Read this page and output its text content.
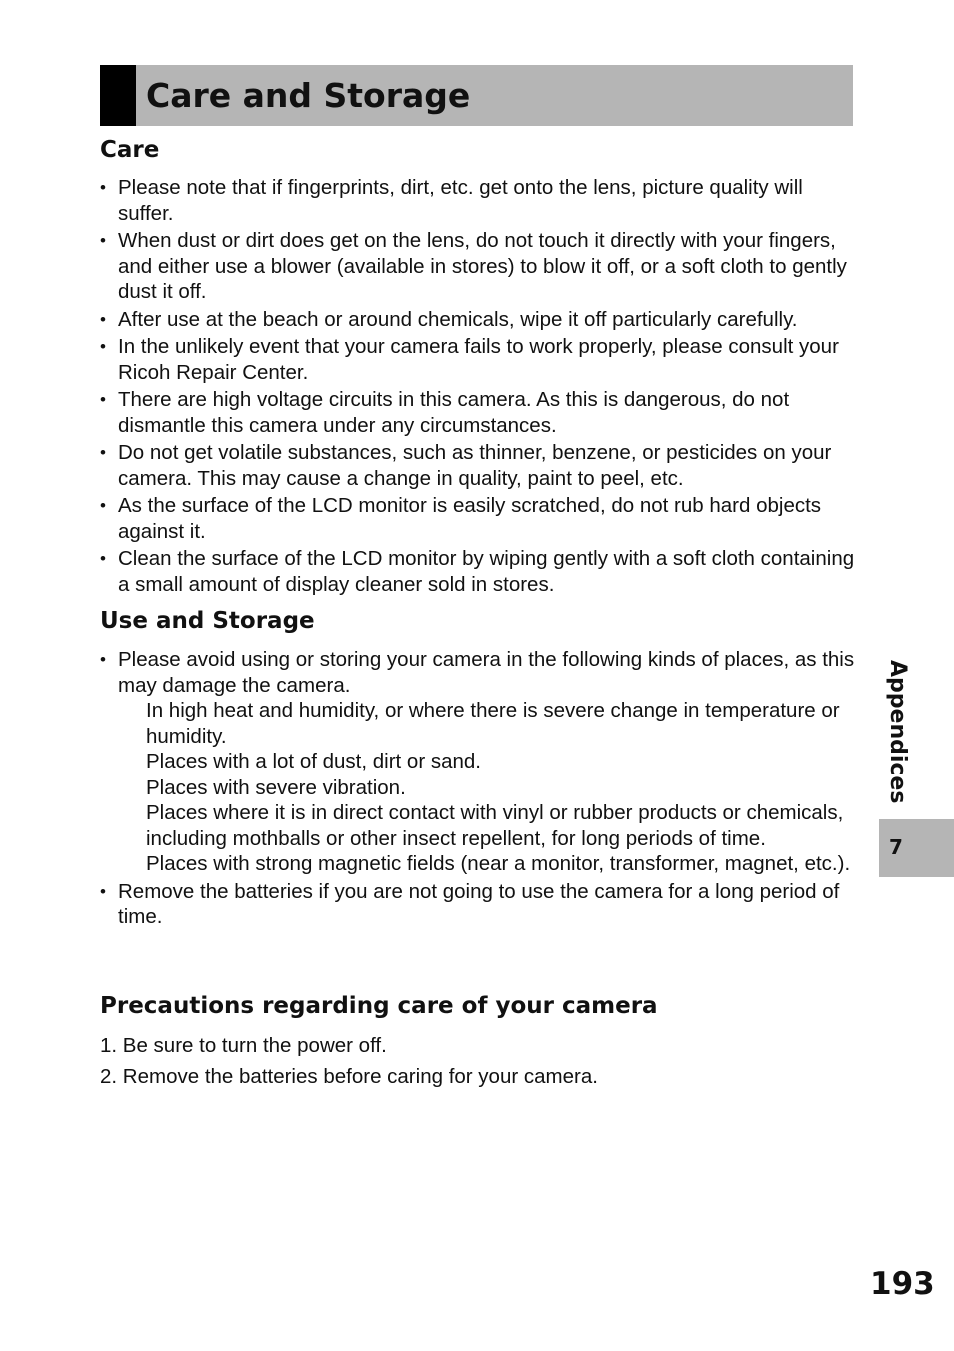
Care and Storage
Care
• Please note that if fingerprints, dirt, etc. get onto the lens, picture quality will suffer.
• When dust or dirt does get on the lens, do not touch it directly with your fingers, and either use a blower (available in stores) to blow it off, or a soft cloth to gently dust it off.
• After use at the beach or around chemicals, wipe it off particularly carefully.
• In the unlikely event that your camera fails to work properly, please consult your Ricoh Repair Center.
• There are high voltage circuits in this camera. As this is dangerous, do not dismantle this camera under any circumstances.
• Do not get volatile substances, such as thinner, benzene, or pesticides on your camera. This may cause a change in quality, paint to peel, etc.
• As the surface of the LCD monitor is easily scratched, do not rub hard objects against it.
• Clean the surface of the LCD monitor by wiping gently with a soft cloth containing a small amount of display cleaner sold in stores.
Use and Storage
• Please avoid using or storing your camera in the following kinds of places, as this may damage the camera.
In high heat and humidity, or where there is severe change in temperature or humidity.
Places with a lot of dust, dirt or sand.
Places with severe vibration.
Places where it is in direct contact with vinyl or rubber products or chemicals, including mothballs or other insect repellent, for long periods of time.
Places with strong magnetic fields (near a monitor, transformer, magnet, etc.).
• Remove the batteries if you are not going to use the camera for a long period of time.
Precautions regarding care of your camera
1. Be sure to turn the power off.
2. Remove the batteries before caring for your camera.
Appendices
7
193
